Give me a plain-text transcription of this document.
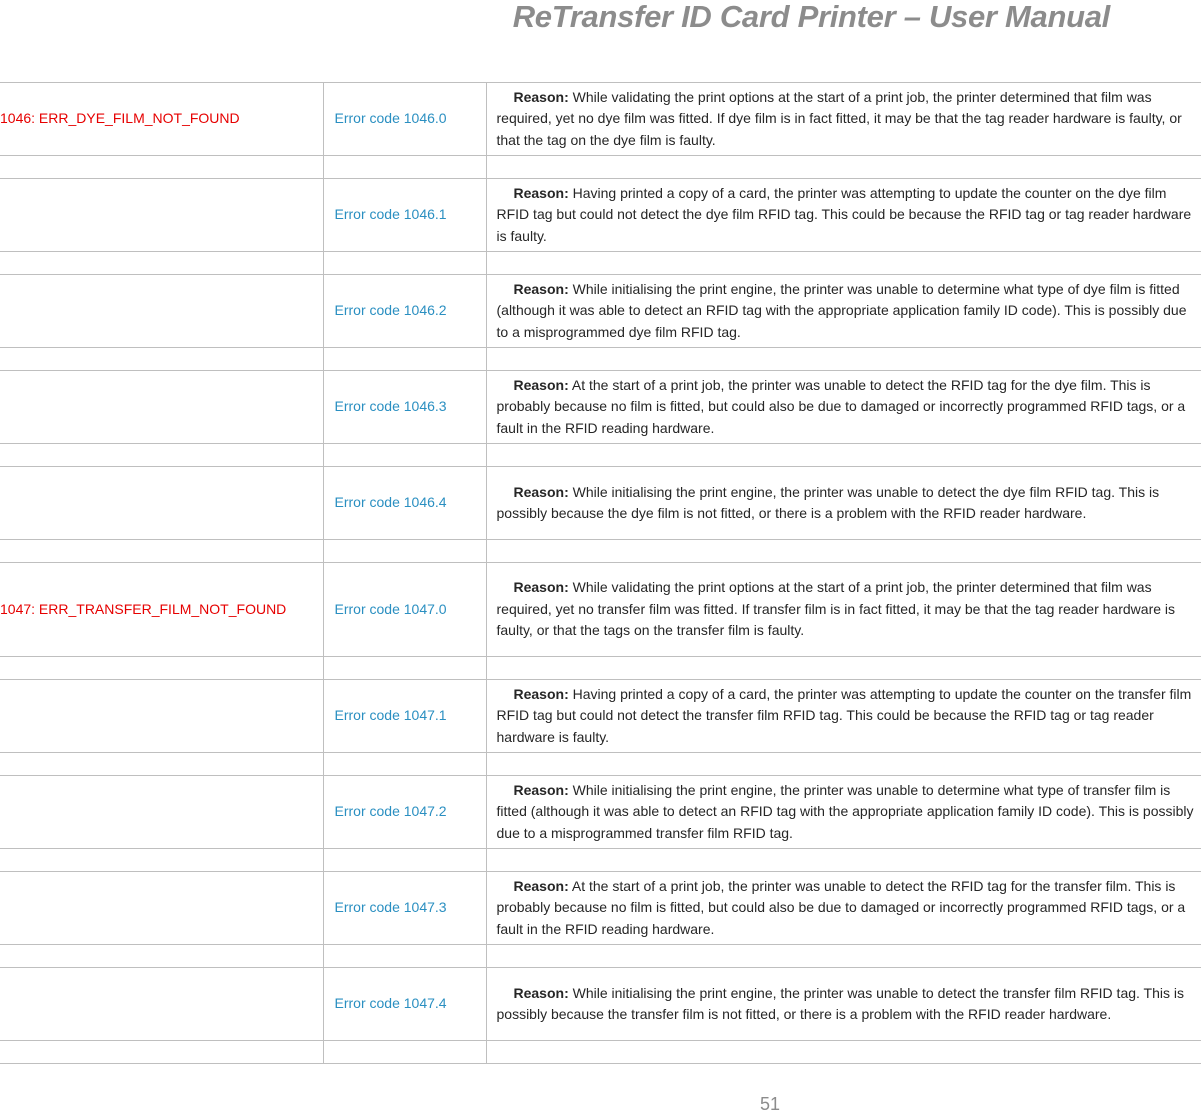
ReTransfer ID Card Printer – User Manual
1046: ERR_DYE_FILM_NOT_FOUND	Error code 1046.0	Reason: While validating the print options at the start of a print job, the printer determined that film was required, yet no dye film was fitted. If dye film is in fact fitted, it may be that the tag reader hardware is faulty, or that the tag on the dye film is faulty.

	Error code 1046.1	Reason: Having printed a copy of a card, the printer was attempting to update the counter on the dye film RFID tag but could not detect the dye film RFID tag. This could be because the RFID tag or tag reader hardware is faulty.

	Error code 1046.2	Reason: While initialising the print engine, the printer was unable to determine what type of dye film is fitted (although it was able to detect an RFID tag with the appropriate application family ID code). This is possibly due to a misprogrammed dye film RFID tag.

	Error code 1046.3	Reason: At the start of a print job, the printer was unable to detect the RFID tag for the dye film. This is probably because no film is fitted, but could also be due to damaged or incorrectly programmed RFID tags, or a fault in the RFID reading hardware.

	Error code 1046.4	Reason: While initialising the print engine, the printer was unable to detect the dye film RFID tag. This is possibly because the dye film is not fitted, or there is a problem with the RFID reader hardware.

1047: ERR_TRANSFER_FILM_NOT_FOUND	Error code 1047.0	Reason: While validating the print options at the start of a print job, the printer determined that film was required, yet no transfer film was fitted. If transfer film is in fact fitted, it may be that the tag reader hardware is faulty, or that the tags on the transfer film is faulty.

	Error code 1047.1	Reason: Having printed a copy of a card, the printer was attempting to update the counter on the transfer film RFID tag but could not detect the transfer film RFID tag. This could be because the RFID tag or tag reader hardware is faulty.

	Error code 1047.2	Reason: While initialising the print engine, the printer was unable to determine what type of transfer film is fitted (although it was able to detect an RFID tag with the appropriate application family ID code). This is possibly due to a misprogrammed transfer film RFID tag.

	Error code 1047.3	Reason: At the start of a print job, the printer was unable to detect the RFID tag for the transfer film. This is probably because no film is fitted, but could also be due to damaged or incorrectly programmed RFID tags, or a fault in the RFID reading hardware.

	Error code 1047.4	Reason: While initialising the print engine, the printer was unable to detect the transfer film RFID tag. This is possibly because the transfer film is not fitted, or there is a problem with the RFID reader hardware.

51
